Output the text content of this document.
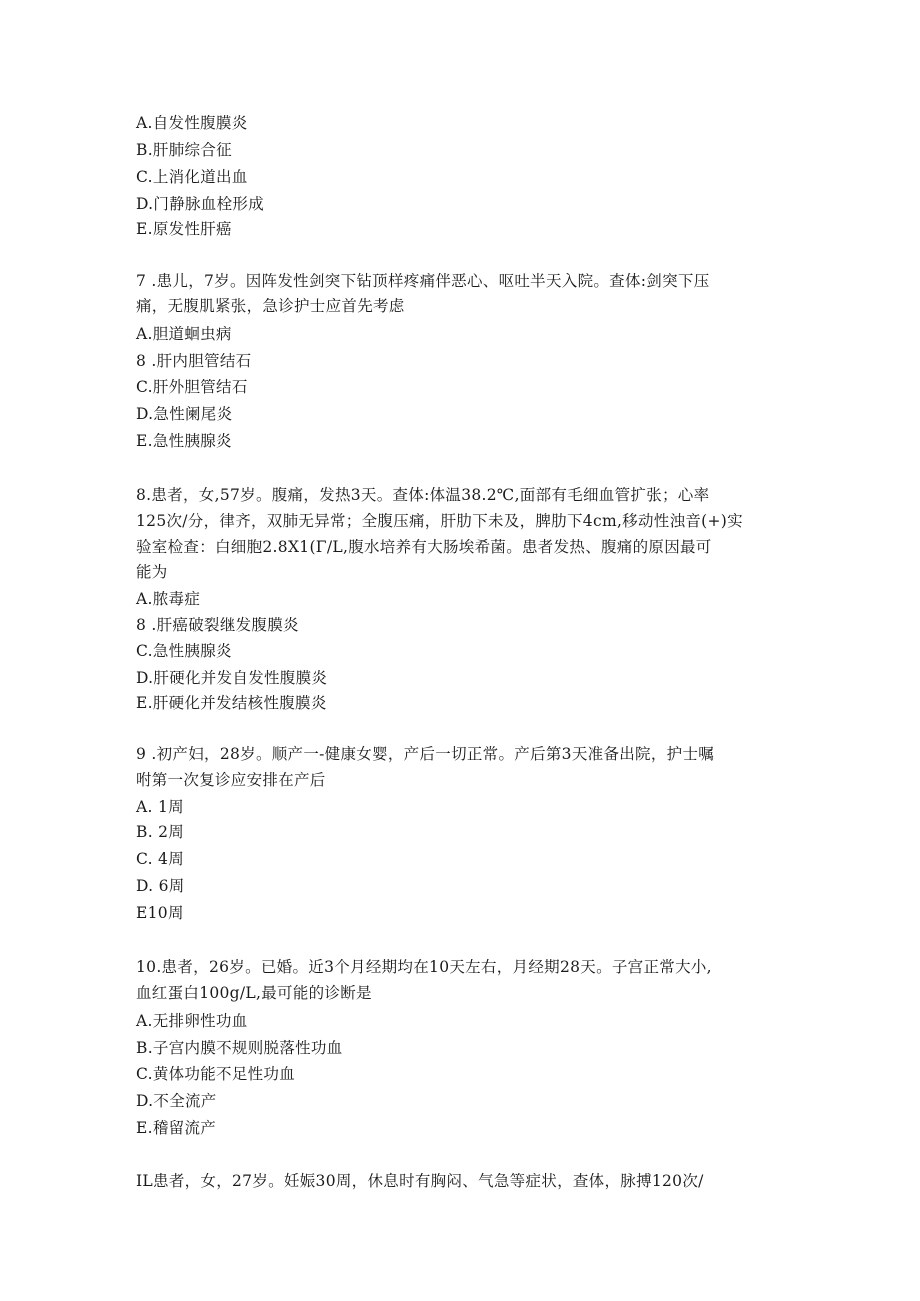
A.自发性腹膜炎
B.肝肺综合征
C.上消化道出血
D.门静脉血栓形成
E.原发性肝癌
7 .患儿，7岁。因阵发性剑突下钻顶样疼痛伴恶心、呕吐半天入院。查体:剑突下压
痛，无腹肌紧张，急诊护士应首先考虑
A.胆道蛔虫病
8 .肝内胆管结石
C.肝外胆管结石
D.急性阑尾炎
E.急性胰腺炎
8.患者，女,57岁。腹痛，发热3天。查体:体温38.2℃,面部有毛细血管扩张；心率
125次/分，律齐，双肺无异常；全腹压痛，肝肋下未及，脾肋下4cm,移动性浊音(+)实
验室检查：白细胞2.8X1(Γ/L,腹水培养有大肠埃希菌。患者发热、腹痛的原因最可
能为
A.脓毒症
8 .肝癌破裂继发腹膜炎
C.急性胰腺炎
D.肝硬化并发自发性腹膜炎
E.肝硬化并发结核性腹膜炎
9 .初产妇，28岁。顺产一-健康女婴，产后一切正常。产后第3天准备出院，护士嘱
咐第一次复诊应安排在产后
A. 1周
B. 2周
C. 4周
D. 6周
E10周
10.患者，26岁。已婚。近3个月经期均在10天左右，月经期28天。子宫正常大小,
血红蛋白100g/L,最可能的诊断是
A.无排卵性功血
B.子宫内膜不规则脱落性功血
C.黄体功能不足性功血
D.不全流产
E.稽留流产
IL患者，女，27岁。妊娠30周，休息时有胸闷、气急等症状，查体，脉搏120次/
